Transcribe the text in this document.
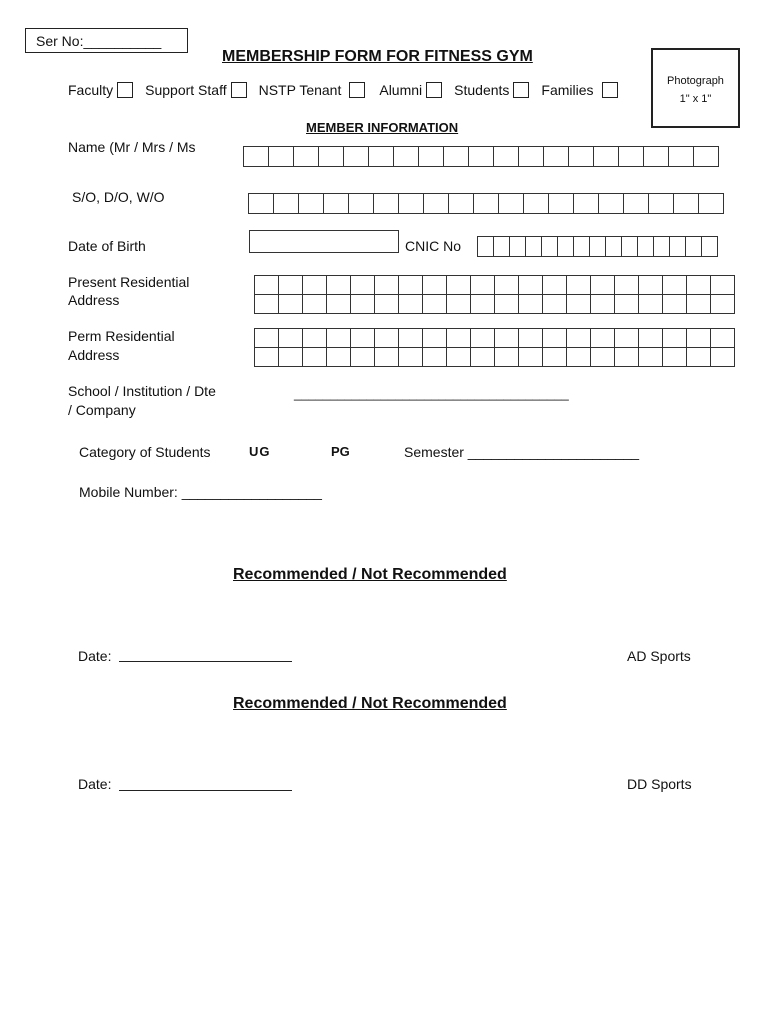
Ser No:__________
MEMBERSHIP FORM FOR FITNESS GYM
Photograph
1" x 1"
Faculty Support Staff NSTP Tenant	Alumni Students Families
MEMBER INFORMATION
Name (Mr / Mrs / Ms
S/O, D/O, W/O
Date of Birth	CNIC No
Present Residential
Address
Perm Residential
Address
School / Institution / Dte
/ Company
______________________________________
Category of Students	UG	PG	Semester ______________________
Mobile Number: __________________
Recommended / Not Recommended
Date:	AD Sports
Recommended / Not Recommended
Date:	DD Sports
